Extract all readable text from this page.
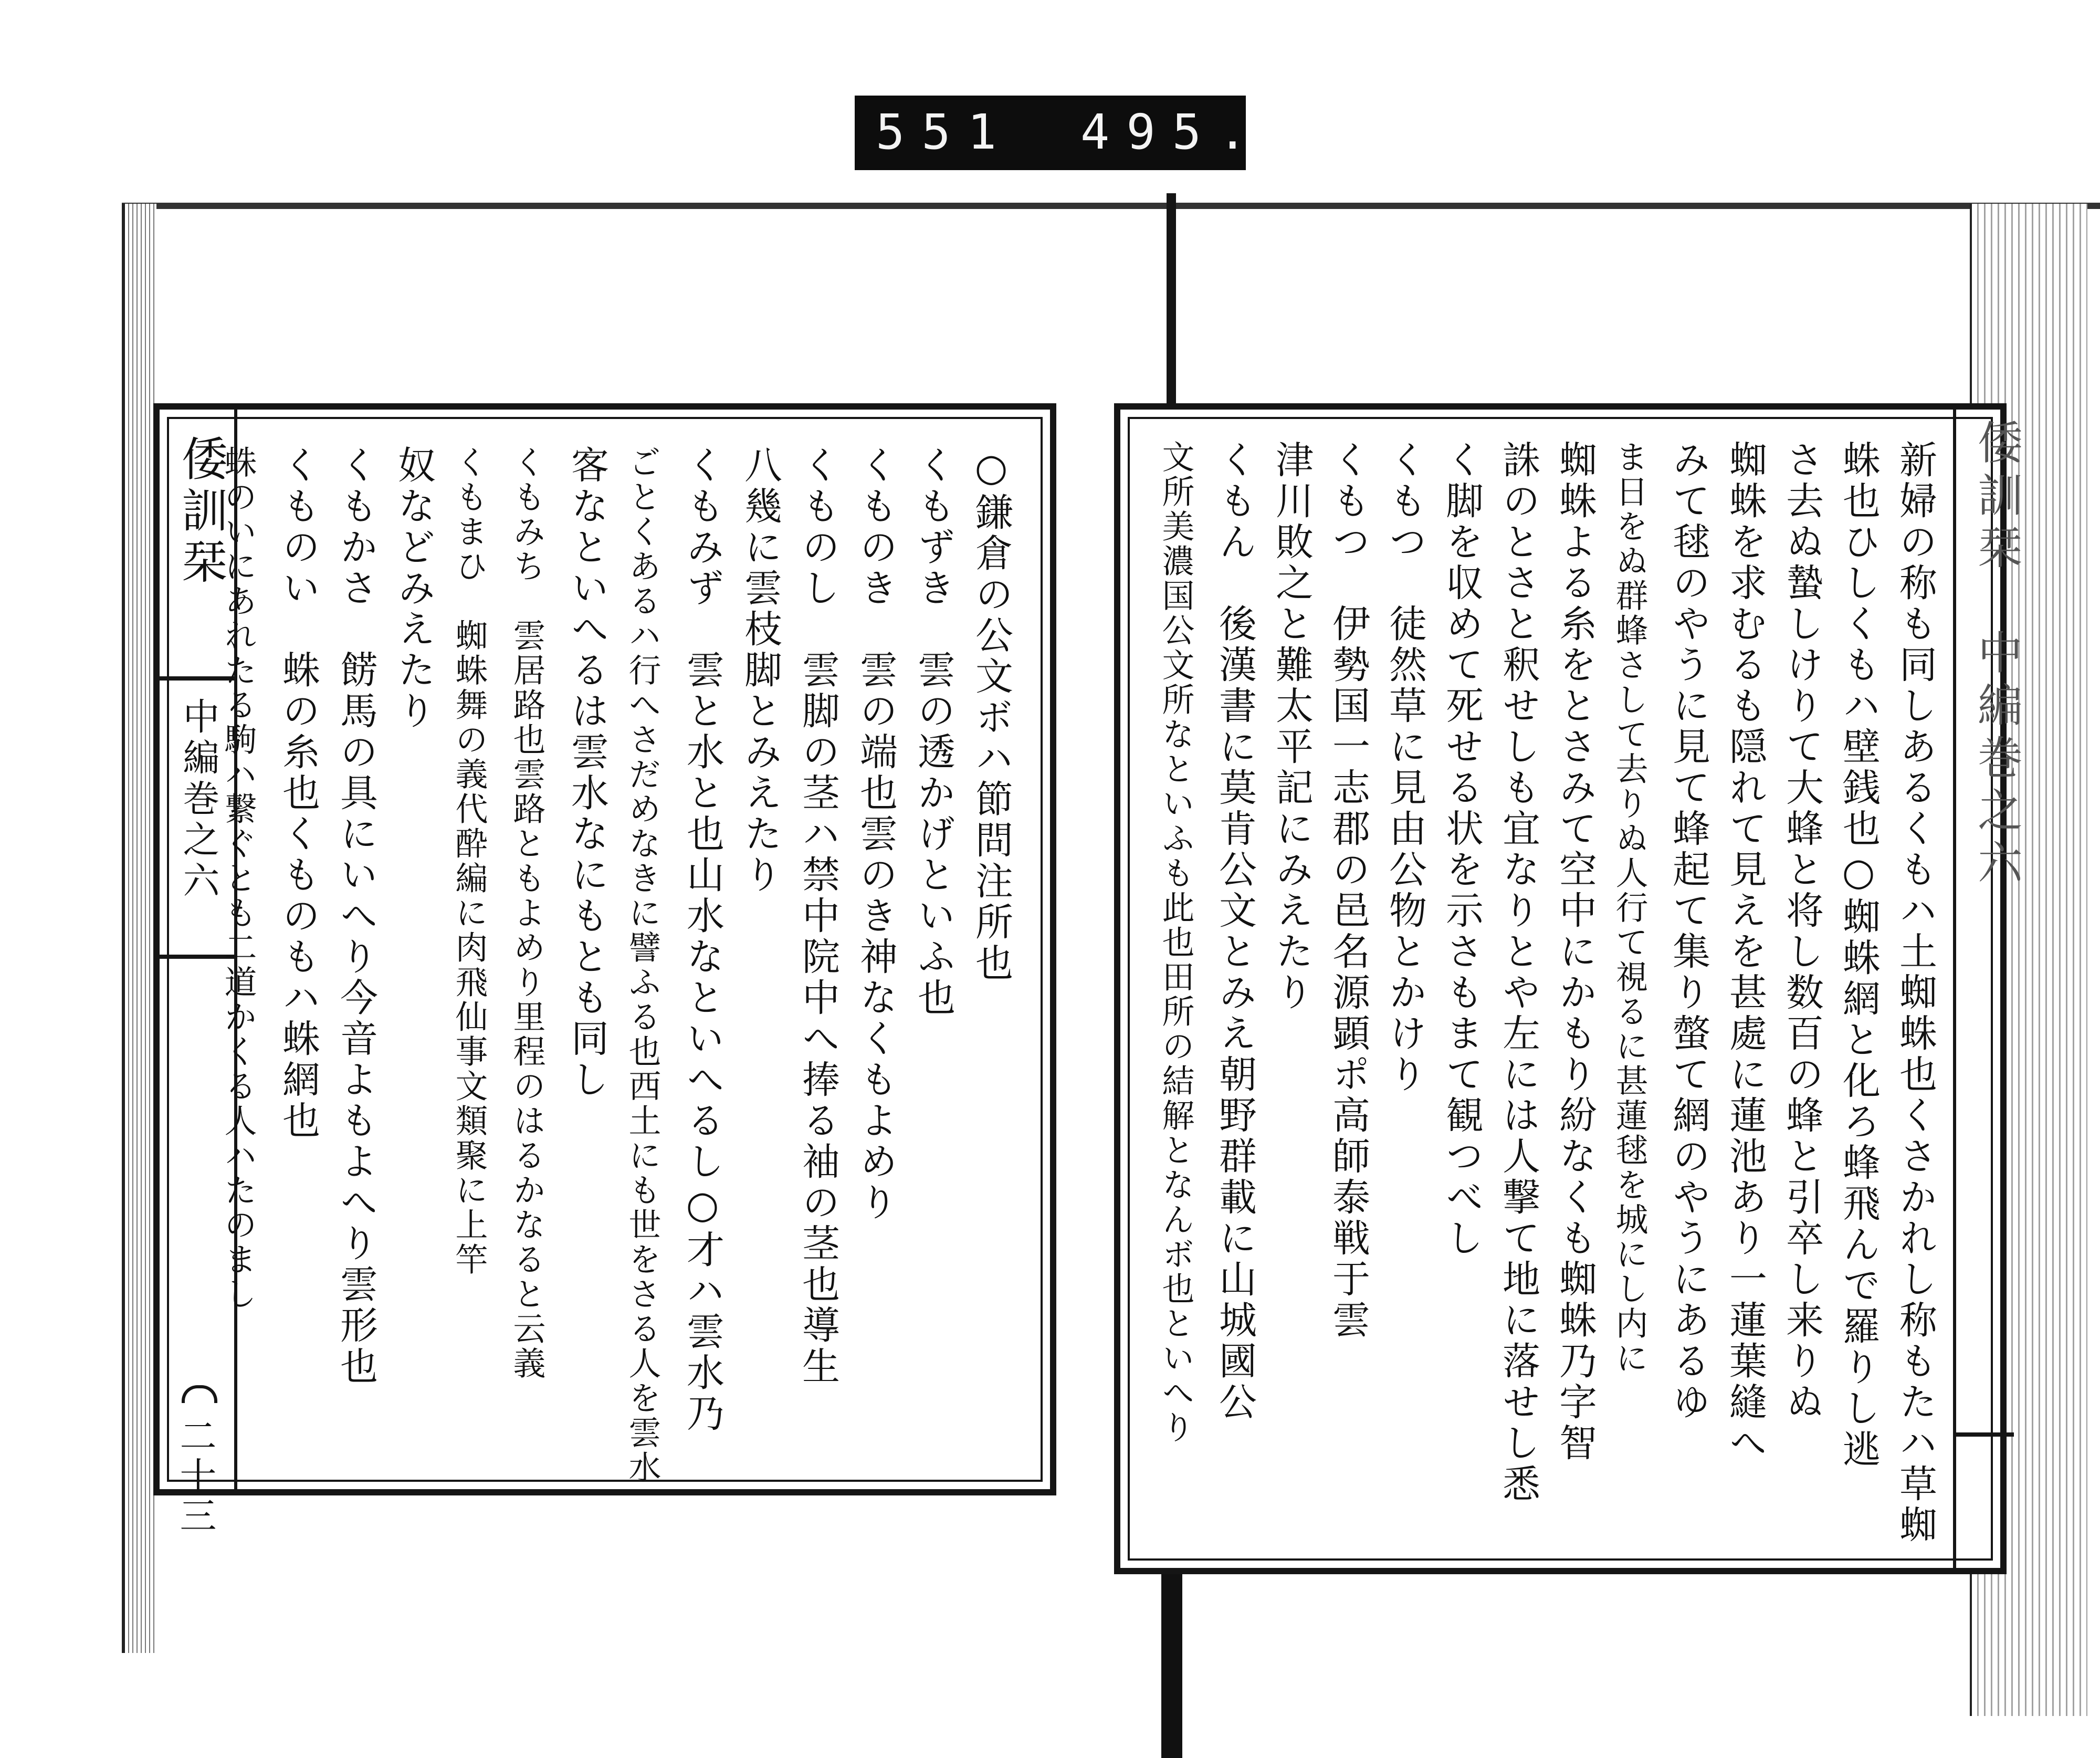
551 495.
倭訓栞
中編巻之六
二十三
○鎌倉の公文ボハ節問注所也
くもずき　雲の透かげといふ也
くものき　雲の端也雲のき神なくもよめり
くものし　雲脚の茎ハ禁中院中へ捧る袖の茎也導生
八幾に雲枝脚とみえたり
くもみず　雲と水と也山水なといへるし○才ハ雲水乃
ごとくあるハ行へさだめなきに譬ふる也西土にも世をさる人を雲水
客なといへるは雲水なにもとも同し
くもみち　雲居路也雲路ともよめり里程のはるかなると云義
くもまひ　蜘蛛舞の義代酔編に肉飛仙事文類聚に上竿
奴などみえたり
くもかさ　餝馬の具にいへり今音よもよへり雲形也
くものい　蛛の糸也くものもハ蛛網也
蛛のいにあれたる駒ハ繋ぐとも二道かくる人ハたのまし	倭訓栞　中編巻之六
新婦の称も同しあるくもハ土蜘蛛也くさかれし称もたハ草蜘
蛛也ひしくもハ壁銭也○蜘蛛網と化ろ蜂飛んで羅りし逃
さ去ぬ蟄しけりて大蜂と将し数百の蜂と引卒し来りぬ
蜘蛛を求むるも隠れて見えを甚處に蓮池あり一蓮葉縫へ
みて毬のやうに見て蜂起て集り螫て網のやうにあるゆ
ま日をぬ群蜂さして去りぬ人行て視るに甚蓮毬を城にし内に
蜘蛛よる糸をとさみて空中にかもり紛なくも蜘蛛乃字智
誅のとさと釈せしも宜なりとや左には人撃て地に落せし悉
く脚を収めて死せる状を示さもまて観つべし
くもつ　徒然草に見由公物とかけり
くもつ　伊勢国一志郡の邑名源顕ポ高師泰戦于雲
津川敗之と難太平記にみえたり
くもん　後漢書に莫肯公文とみえ朝野群載に山城國公
文所美濃国公文所なといふも此也田所の結解となんボ也といへり
